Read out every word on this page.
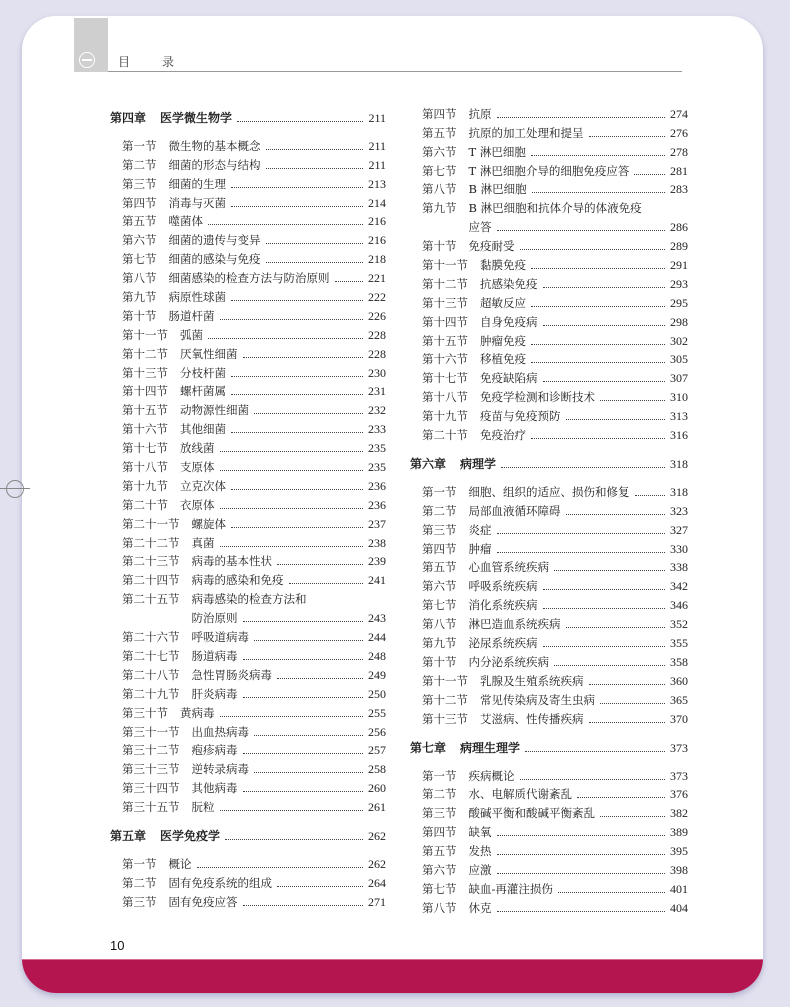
目　录
第四章 医学微生物学	211
第一节 微生物的基本概念	211
第二节 细菌的形态与结构	211
第三节 细菌的生理	213
第四节 消毒与灭菌	214
第五节 噬菌体	216
第六节 细菌的遗传与变异	216
第七节 细菌的感染与免疫	218
第八节 细菌感染的检查方法与防治原则	221
第九节 病原性球菌	222
第十节 肠道杆菌	226
第十一节 弧菌	228
第十二节 厌氧性细菌	228
第十三节 分枝杆菌	230
第十四节 螺杆菌属	231
第十五节 动物源性细菌	232
第十六节 其他细菌	233
第十七节 放线菌	235
第十八节 支原体	235
第十九节 立克次体	236
第二十节 衣原体	236
第二十一节 螺旋体	237
第二十二节 真菌	238
第二十三节 病毒的基本性状	239
第二十四节 病毒的感染和免疫	241
第二十五节 病毒感染的检查方法和
防治原则	243
第二十六节 呼吸道病毒	244
第二十七节 肠道病毒	248
第二十八节 急性胃肠炎病毒	249
第二十九节 肝炎病毒	250
第三十节 黄病毒	255
第三十一节 出血热病毒	256
第三十二节 疱疹病毒	257
第三十三节 逆转录病毒	258
第三十四节 其他病毒	260
第三十五节 朊粒	261
第五章 医学免疫学	262
第一节 概论	262
第二节 固有免疫系统的组成	264
第三节 固有免疫应答	271
第四节 抗原	274
第五节 抗原的加工处理和提呈	276
第六节 T 淋巴细胞	278
第七节 T 淋巴细胞介导的细胞免疫应答	281
第八节 B 淋巴细胞	283
第九节 B 淋巴细胞和抗体介导的体液免疫
应答	286
第十节 免疫耐受	289
第十一节 黏膜免疫	291
第十二节 抗感染免疫	293
第十三节 超敏反应	295
第十四节 自身免疫病	298
第十五节 肿瘤免疫	302
第十六节 移植免疫	305
第十七节 免疫缺陷病	307
第十八节 免疫学检测和诊断技术	310
第十九节 疫苗与免疫预防	313
第二十节 免疫治疗	316
第六章 病理学	318
第一节 细胞、组织的适应、损伤和修复	318
第二节 局部血液循环障碍	323
第三节 炎症	327
第四节 肿瘤	330
第五节 心血管系统疾病	338
第六节 呼吸系统疾病	342
第七节 消化系统疾病	346
第八节 淋巴造血系统疾病	352
第九节 泌尿系统疾病	355
第十节 内分泌系统疾病	358
第十一节 乳腺及生殖系统疾病	360
第十二节 常见传染病及寄生虫病	365
第十三节 艾滋病、性传播疾病	370
第七章 病理生理学	373
第一节 疾病概论	373
第二节 水、电解质代谢紊乱	376
第三节 酸碱平衡和酸碱平衡紊乱	382
第四节 缺氧	389
第五节 发热	395
第六节 应激	398
第七节 缺血-再灌注损伤	401
第八节 休克	404
10
